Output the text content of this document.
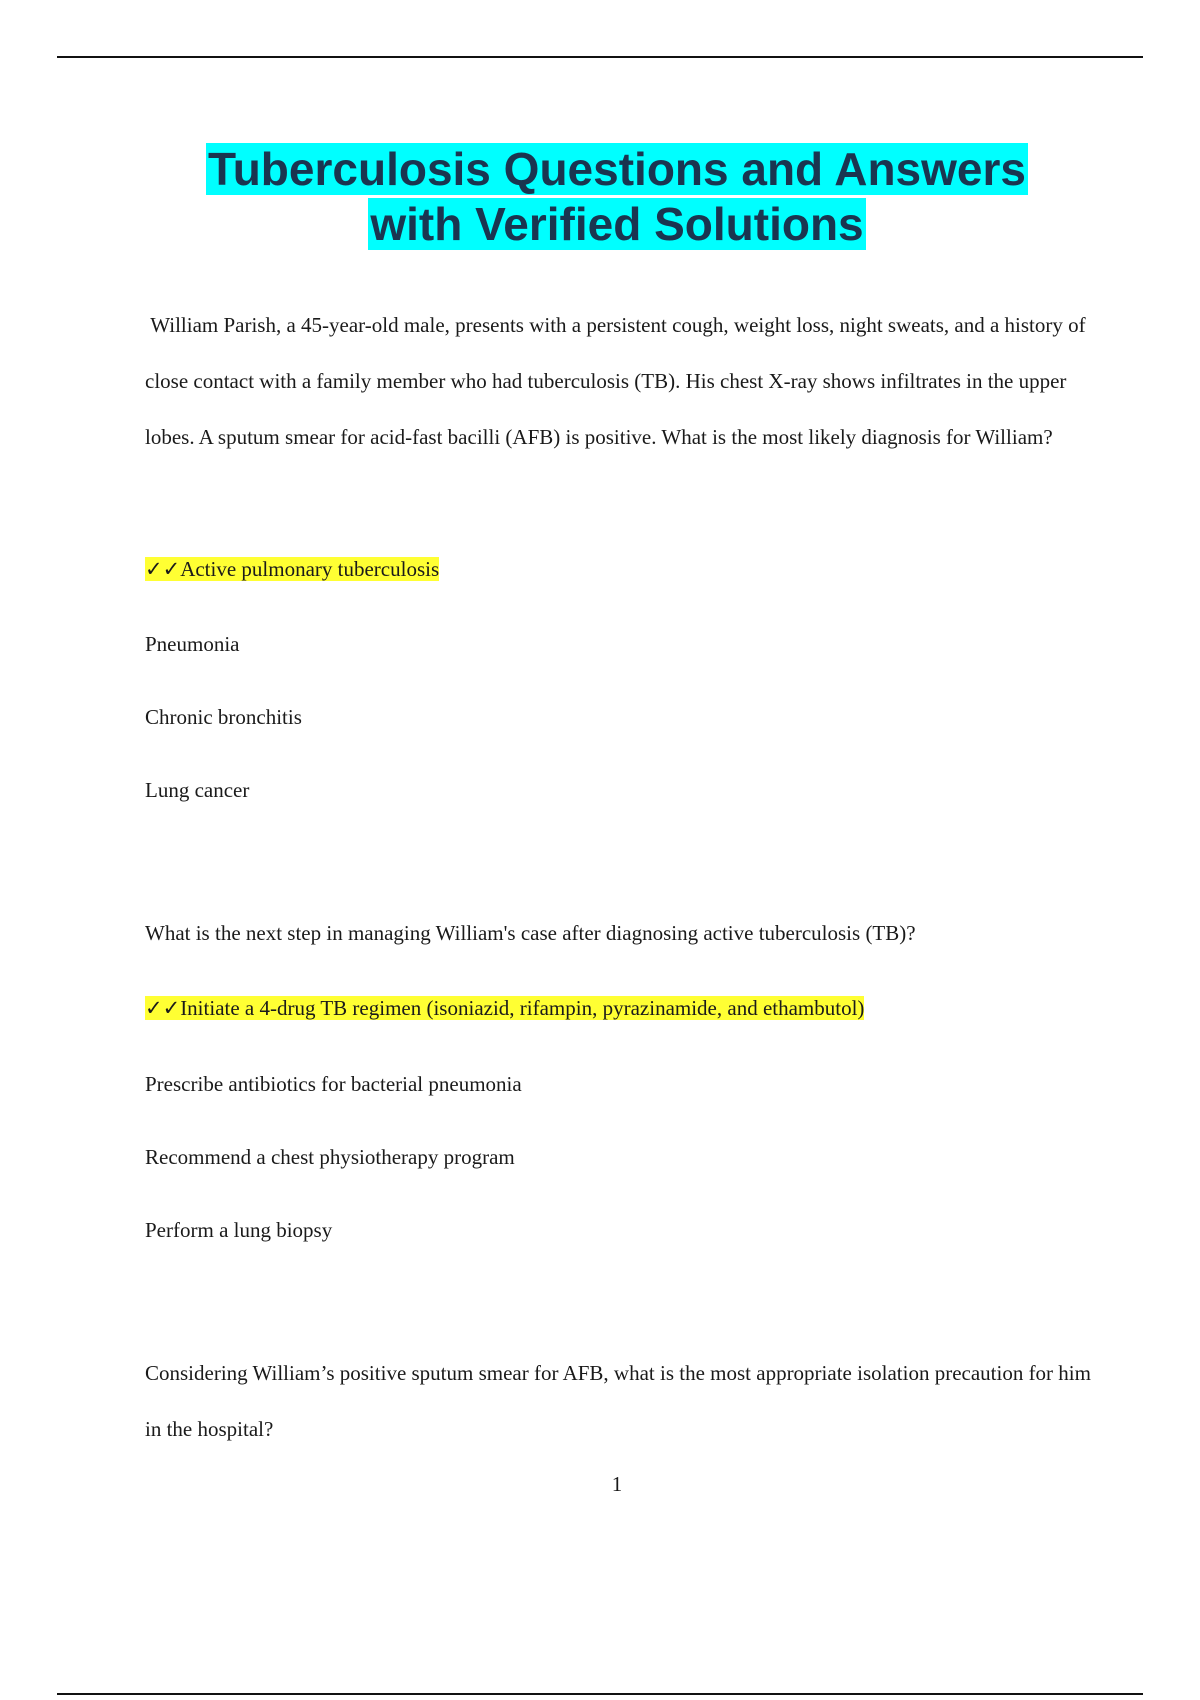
Tuberculosis Questions and Answers
with Verified Solutions

William Parish, a 45-year-old male, presents with a persistent cough, weight loss, night sweats, and a history of close contact with a family member who had tuberculosis (TB). His chest X-ray shows infiltrates in the upper lobes. A sputum smear for acid-fast bacilli (AFB) is positive. What is the most likely diagnosis for William?

✓✓Active pulmonary tuberculosis

Pneumonia

Chronic bronchitis

Lung cancer

What is the next step in managing William's case after diagnosing active tuberculosis (TB)?

✓✓Initiate a 4-drug TB regimen (isoniazid, rifampin, pyrazinamide, and ethambutol)

Prescribe antibiotics for bacterial pneumonia

Recommend a chest physiotherapy program

Perform a lung biopsy

Considering William’s positive sputum smear for AFB, what is the most appropriate isolation precaution for him in the hospital?

1
